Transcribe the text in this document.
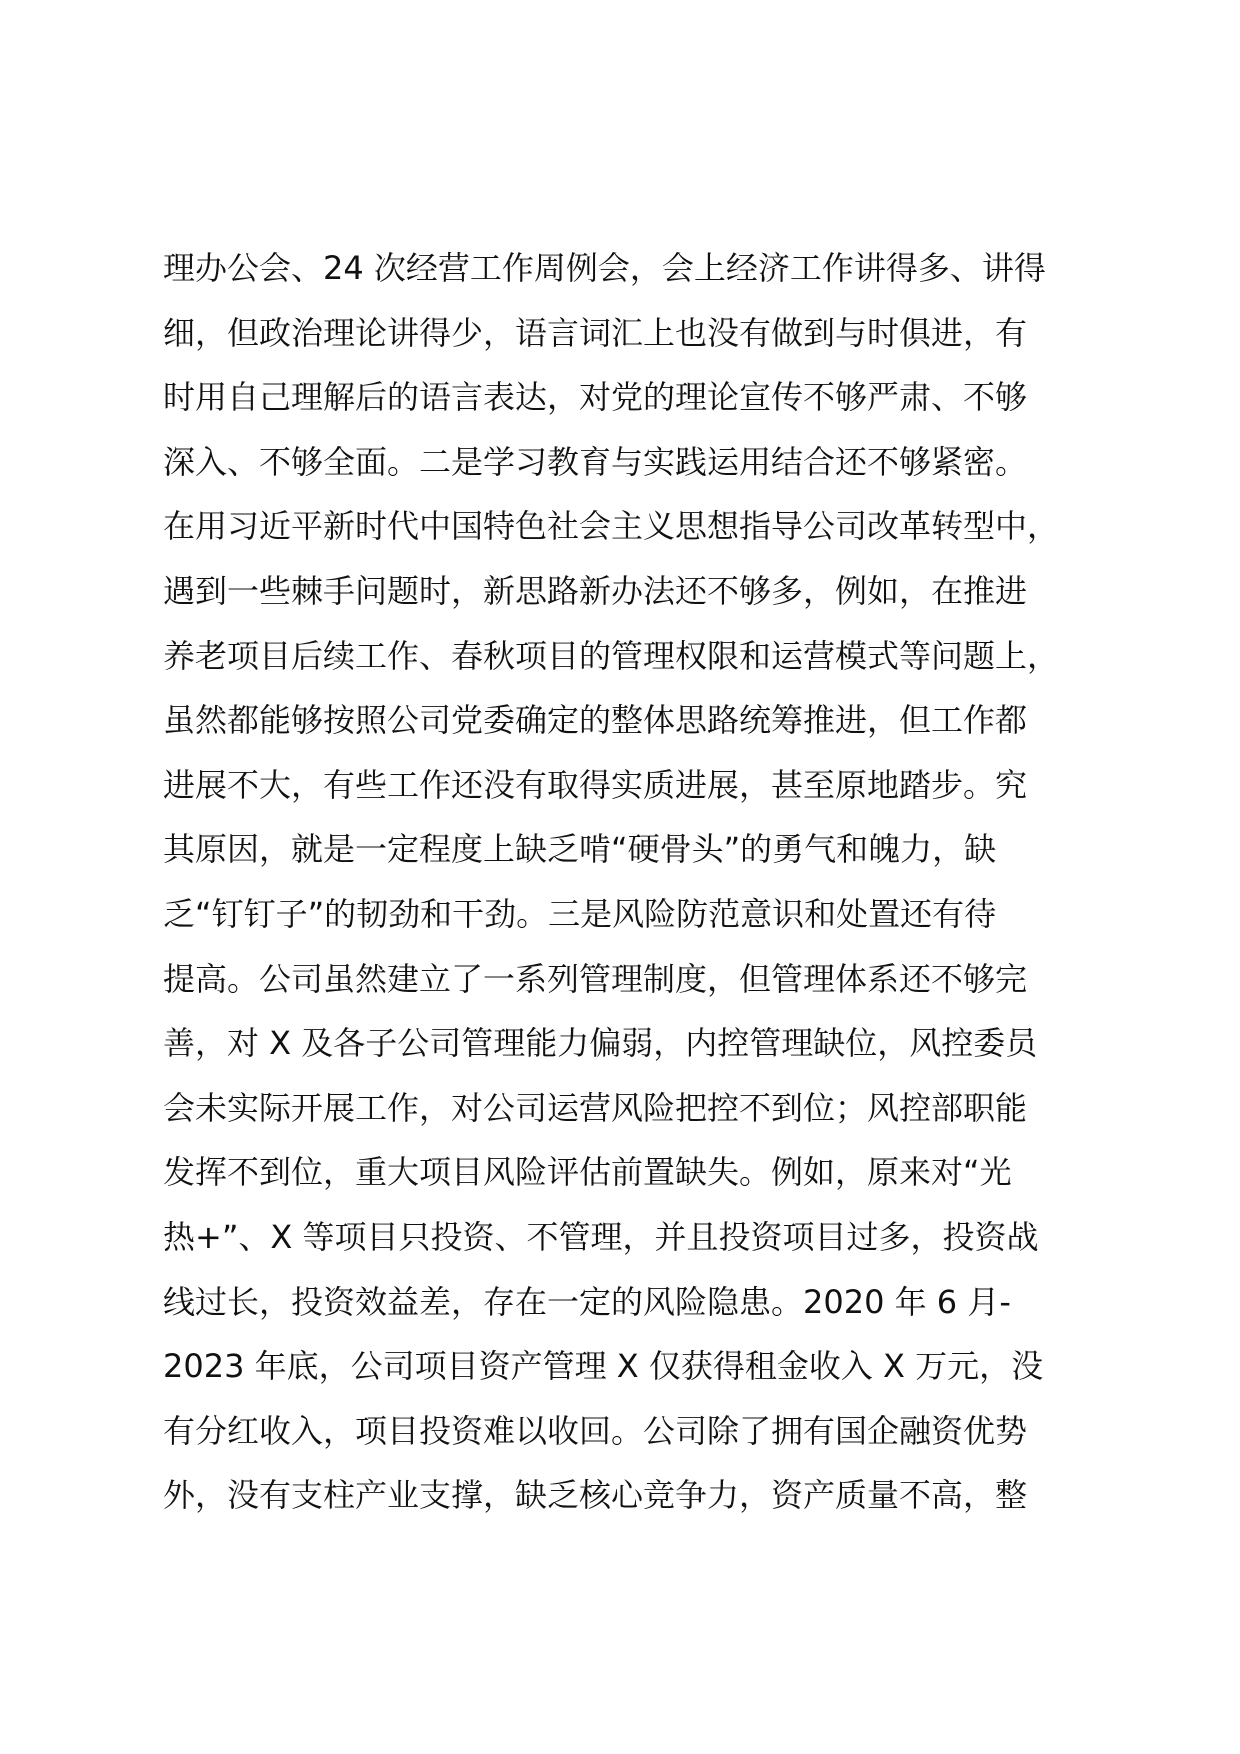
理办公会、24 次经营工作周例会，会上经济工作讲得多、讲得
细，但政治理论讲得少，语言词汇上也没有做到与时俱进，有
时用自己理解后的语言表达，对党的理论宣传不够严肃、不够
深入、不够全面。二是学习教育与实践运用结合还不够紧密。
在用习近平新时代中国特色社会主义思想指导公司改革转型中，
遇到一些棘手问题时，新思路新办法还不够多，例如，在推进
养老项目后续工作、春秋项目的管理权限和运营模式等问题上，
虽然都能够按照公司党委确定的整体思路统筹推进，但工作都
进展不大，有些工作还没有取得实质进展，甚至原地踏步。究
其原因，就是一定程度上缺乏啃“硬骨头”的勇气和魄力，缺
乏“钉钉子”的韧劲和干劲。三是风险防范意识和处置还有待
提高。公司虽然建立了一系列管理制度，但管理体系还不够完
善，对 X 及各子公司管理能力偏弱，内控管理缺位，风控委员
会未实际开展工作，对公司运营风险把控不到位；风控部职能
发挥不到位，重大项目风险评估前置缺失。例如，原来对“光
热+”、X 等项目只投资、不管理，并且投资项目过多，投资战
线过长，投资效益差，存在一定的风险隐患。2020 年 6 月-
2023 年底，公司项目资产管理 X 仅获得租金收入 X 万元，没
有分红收入，项目投资难以收回。公司除了拥有国企融资优势
外，没有支柱产业支撑，缺乏核心竞争力，资产质量不高，整
